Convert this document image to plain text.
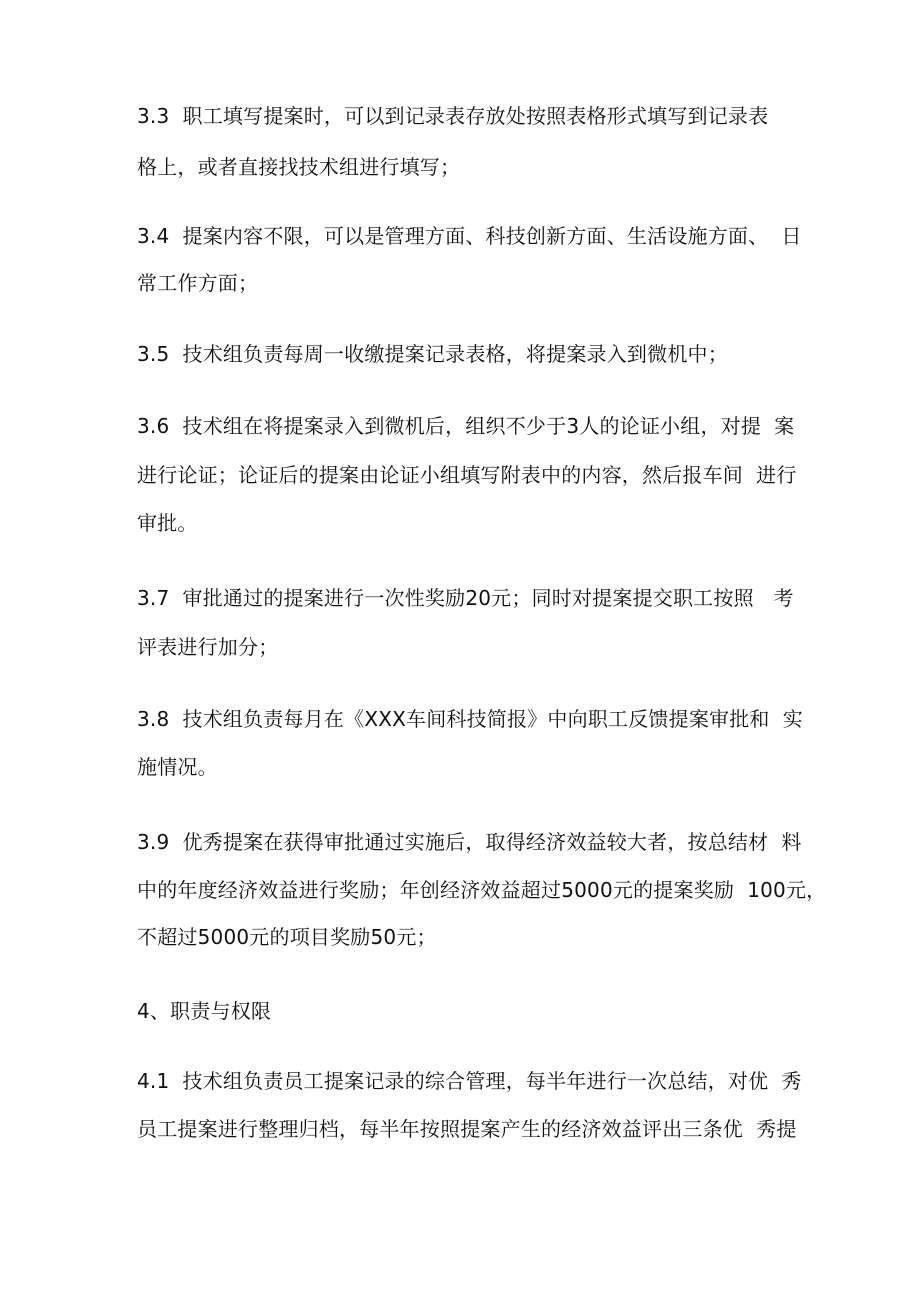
3.3  职工填写提案时，可以到记录表存放处按照表格形式填写到记录表
格上，或者直接找技术组进行填写；
3.4  提案内容不限，可以是管理方面、科技创新方面、生活设施方面、  日
常工作方面；
3.5  技术组负责每周一收缴提案记录表格，将提案录入到微机中；
3.6  技术组在将提案录入到微机后，组织不少于3人的论证小组，对提  案
进行论证；论证后的提案由论证小组填写附表中的内容，然后报车间  进行
审批。
3.7  审批通过的提案进行一次性奖励20元；同时对提案提交职工按照   考
评表进行加分；
3.8  技术组负责每月在《XXX车间科技简报》中向职工反馈提案审批和  实
施情况。
3.9  优秀提案在获得审批通过实施后，取得经济效益较大者，按总结材  料
中的年度经济效益进行奖励；年创经济效益超过5000元的提案奖励  100元，
不超过5000元的项目奖励50元；
4、职责与权限
4.1  技术组负责员工提案记录的综合管理，每半年进行一次总结，对优  秀
员工提案进行整理归档，每半年按照提案产生的经济效益评出三条优  秀提
